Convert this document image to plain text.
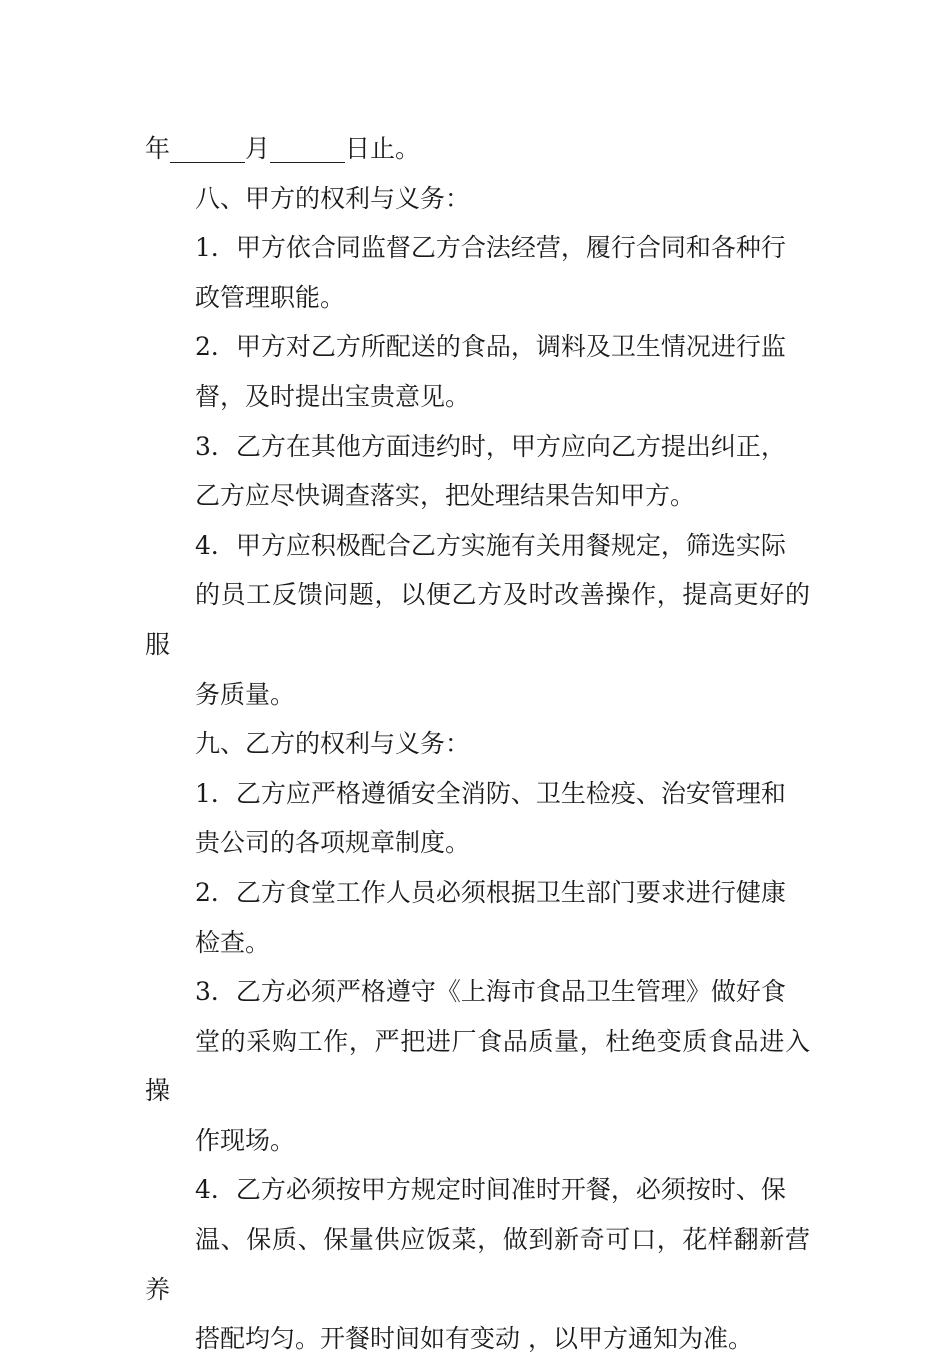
年______月______日止。

八、甲方的权利与义务：

1．甲方依合同监督乙方合法经营，履行合同和各种行
政管理职能。

2．甲方对乙方所配送的食品，调料及卫生情况进行监
督，及时提出宝贵意见。

3．乙方在其他方面违约时，甲方应向乙方提出纠正，
乙方应尽快调查落实，把处理结果告知甲方。

4．甲方应积极配合乙方实施有关用餐规定，筛选实际
的员工反馈问题，以便乙方及时改善操作，提高更好的服
务质量。

九、乙方的权利与义务：

1．乙方应严格遵循安全消防、卫生检疫、治安管理和
贵公司的各项规章制度。

2．乙方食堂工作人员必须根据卫生部门要求进行健康
检查。

3．乙方必须严格遵守《上海市食品卫生管理》做好食
堂的采购工作，严把进厂食品质量，杜绝变质食品进入操
作现场。

4．乙方必须按甲方规定时间准时开餐，必须按时、保
温、保质、保量供应饭菜，做到新奇可口，花样翻新营养
搭配均匀。开餐时间如有变动 ，以甲方通知为准。
